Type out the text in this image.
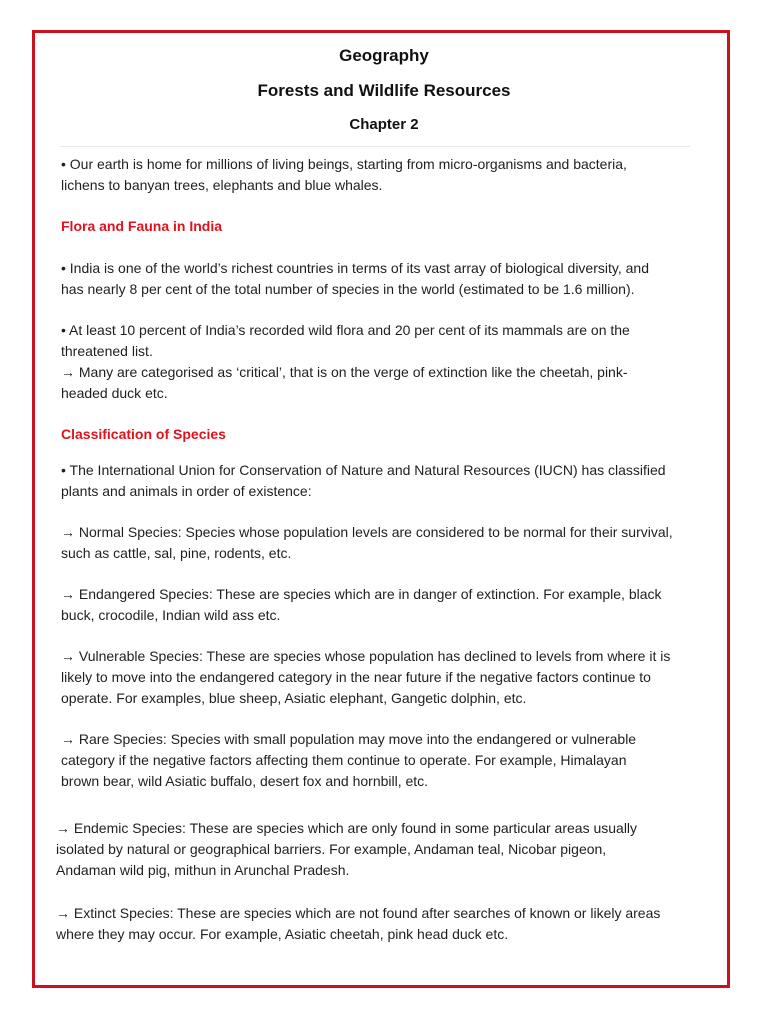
Geography
Forests and Wildlife Resources
Chapter 2
• Our earth is home for millions of living beings, starting from micro-organisms and bacteria,
lichens to banyan trees, elephants and blue whales.
Flora and Fauna in India
• India is one of the world’s richest countries in terms of its vast array of biological diversity, and
has nearly 8 per cent of the total number of species in the world (estimated to be 1.6 million).
• At least 10 percent of India’s recorded wild flora and 20 per cent of its mammals are on the
threatened list.
→ Many are categorised as ‘critical’, that is on the verge of extinction like the cheetah, pink-
headed duck etc.
Classification of Species
• The International Union for Conservation of Nature and Natural Resources (IUCN) has classified
plants and animals in order of existence:
→ Normal Species: Species whose population levels are considered to be normal for their survival,
such as cattle, sal, pine, rodents, etc.
→ Endangered Species: These are species which are in danger of extinction. For example, black
buck, crocodile, Indian wild ass etc.
→ Vulnerable Species: These are species whose population has declined to levels from where it is
likely to move into the endangered category in the near future if the negative factors continue to
operate. For examples, blue sheep, Asiatic elephant, Gangetic dolphin, etc.
→ Rare Species: Species with small population may move into the endangered or vulnerable
category if the negative factors affecting them continue to operate. For example, Himalayan
brown bear, wild Asiatic buffalo, desert fox and hornbill, etc.
→ Endemic Species: These are species which are only found in some particular areas usually
isolated by natural or geographical barriers. For example, Andaman teal, Nicobar pigeon,
Andaman wild pig, mithun in Arunchal Pradesh.
→ Extinct Species: These are species which are not found after searches of known or likely areas
where they may occur. For example, Asiatic cheetah, pink head duck etc.
